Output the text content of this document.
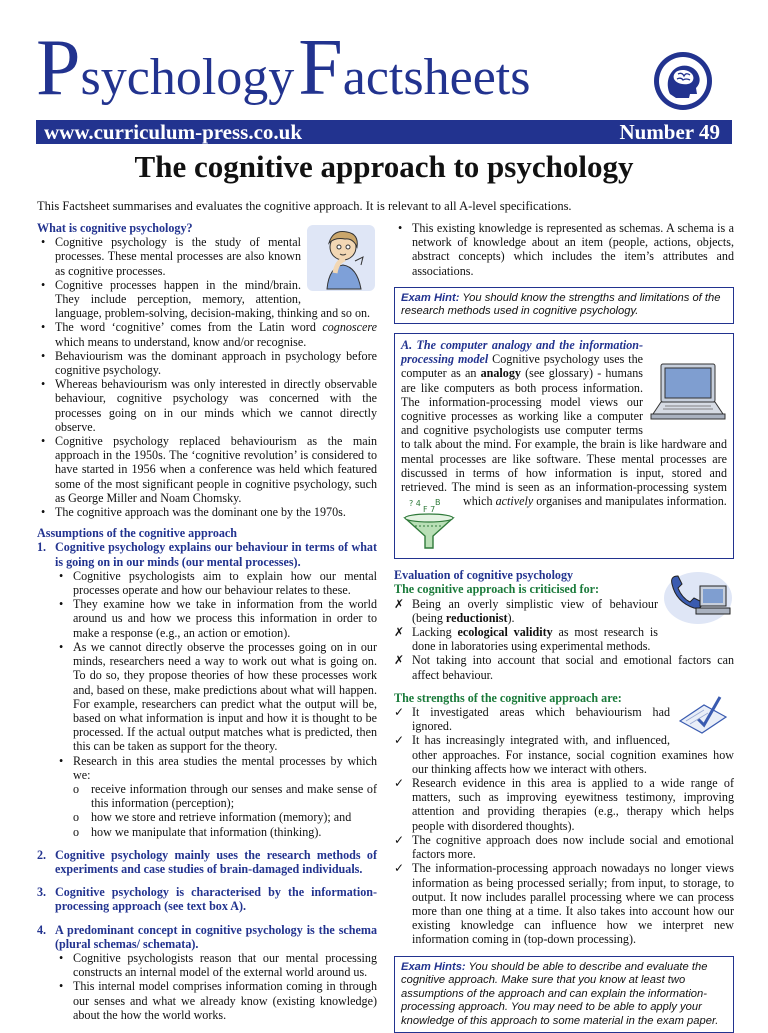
Psychology Factsheets
www.curriculum-press.co.uk	Number 49
The cognitive approach to psychology
This Factsheet summarises and evaluates the cognitive approach. It is relevant to all A-level specifications.

What is cognitive psychology?

• Cognitive psychology is the study of mental processes. These mental processes are also known as cognitive processes.
• Cognitive processes happen in the mind/brain. They include perception, memory, attention, language, problem-solving, decision-making, thinking and so on.
• The word ‘cognitive’ comes from the Latin word cognoscere which means to understand, know and/or recognise.
• Behaviourism was the dominant approach in psychology before cognitive psychology.
• Whereas behaviourism was only interested in directly observable behaviour, cognitive psychology was concerned with the processes going on in our minds which we cannot directly observe.
• Cognitive psychology replaced behaviourism as the main approach in the 1950s. The ‘cognitive revolution’ is considered to have started in 1956 when a conference was held which featured some of the most significant people in cognitive psychology, such as George Miller and Noam Chomsky.
• The cognitive approach was the dominant one by the 1970s.

Assumptions of the cognitive approach

1. Cognitive psychology explains our behaviour in terms of what is going on in our minds (our mental processes).
• Cognitive psychologists aim to explain how our mental processes operate and how our behaviour relates to these.
• They examine how we take in information from the world around us and how we process this information in order to make a response (e.g., an action or emotion).
• As we cannot directly observe the processes going on in our minds, researchers need a way to work out what is going on. To do so, they propose theories of how these processes work and, based on these, make predictions about what will happen. For example, researchers can predict what the output will be, based on what information is input and how it is thought to be processed. If the actual output matches what is predicted, then this can be taken as support for the theory.
• Research in this area studies the mental processes by which we:
o receive information through our senses and make sense of this information (perception);
o how we store and retrieve information (memory); and
o how we manipulate that information (thinking).
2. Cognitive psychology mainly uses the research methods of experiments and case studies of brain-damaged individuals.
3. Cognitive psychology is characterised by the information-processing approach (see text box A).
4. A predominant concept in cognitive psychology is the schema (plural schemas/ schemata).
• Cognitive psychologists reason that our mental processing constructs an internal model of the external world around us.
• This internal model comprises information coming in through our senses and what we already know (existing knowledge) about the how the world works.
• This existing knowledge is represented as schemas. A schema is a network of knowledge about an item (people, actions, objects, abstract concepts) which includes the item’s attributes and associations.
Exam Hint: You should know the strengths and limitations of the research methods used in cognitive psychology.
A. The computer analogy and the information-processing model Cognitive psychology uses the computer as an analogy (see glossary) - humans are like computers as both process information. The information-processing model views our cognitive processes as working like a computer and cognitive psychologists use computer terms to talk about the mind. For example, the brain is like hardware and mental processes are like software. These mental processes are discussed in terms of how information is input, stored and retrieved. The mind is seen as an information-processing system which
? 4
F 7
B	actively organises and manipulates information.

Evaluation of cognitive psychology

The cognitive approach is criticised for:

✗ Being an overly simplistic view of behaviour (being reductionist).
✗ Lacking ecological validity as most research is done in laboratories using experimental methods.
✗ Not taking into account that social and emotional factors can affect behaviour.

The strengths of the cognitive approach are:

✓ It investigated areas which behaviourism had ignored.
✓ It has increasingly integrated with, and influenced, other approaches. For instance, social cognition examines how our thinking affects how we interact with others.
✓ Research evidence in this area is applied to a wide range of matters, such as improving eyewitness testimony, improving attention and providing therapies (e.g., therapy which helps people with disordered thoughts).
✓ The cognitive approach does now include social and emotional factors more.
✓ The information-processing approach nowadays no longer views information as being processed serially; from input, to storage, to output. It now includes parallel processing where we can process more than one thing at a time. It also takes into account how our existing knowledge can influence how we interpret new information coming in (top-down processing).
Exam Hints: You should be able to describe and evaluate the cognitive approach. Make sure that you know at least two assumptions of the approach and can explain the information-processing approach. You may need to be able to apply your knowledge of this approach to some material in the exam paper.
